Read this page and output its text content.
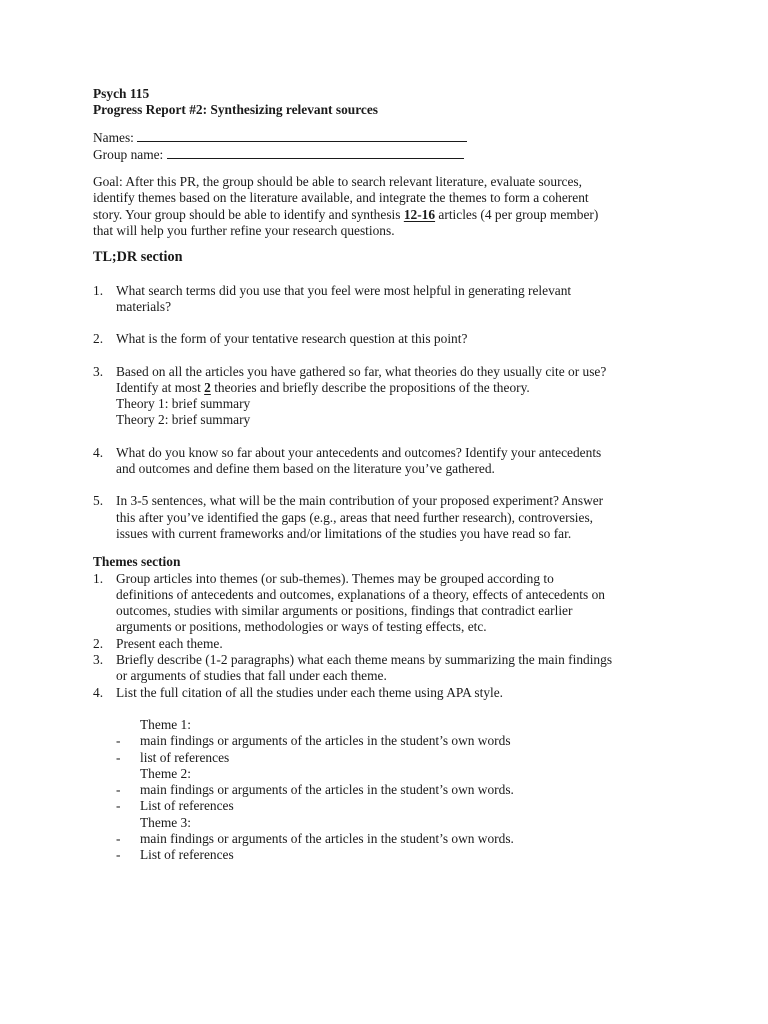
Psych 115
Progress Report #2: Synthesizing relevant sources
Names:
Group name:
Goal: After this PR, the group should be able to search relevant literature, evaluate sources,
identify themes based on the literature available, and integrate the themes to form a coherent
story. Your group should be able to identify and synthesis 12-16 articles (4 per group member)
that will help you further refine your research questions.
TL;DR section
1. What search terms did you use that you feel were most helpful in generating relevant
materials?
2. What is the form of your tentative research question at this point?
3. Based on all the articles you have gathered so far, what theories do they usually cite or use?
Identify at most 2 theories and briefly describe the propositions of the theory.
Theory 1: brief summary
Theory 2: brief summary
4. What do you know so far about your antecedents and outcomes? Identify your antecedents
and outcomes and define them based on the literature you’ve gathered.
5. In 3-5 sentences, what will be the main contribution of your proposed experiment? Answer
this after you’ve identified the gaps (e.g., areas that need further research), controversies,
issues with current frameworks and/or limitations of the studies you have read so far.
Themes section
1. Group articles into themes (or sub-themes). Themes may be grouped according to
definitions of antecedents and outcomes, explanations of a theory, effects of antecedents on
outcomes, studies with similar arguments or positions, findings that contradict earlier
arguments or positions, methodologies or ways of testing effects, etc.
2. Present each theme.
3. Briefly describe (1-2 paragraphs) what each theme means by summarizing the main findings
or arguments of studies that fall under each theme.
4. List the full citation of all the studies under each theme using APA style.
Theme 1:
- main findings or arguments of the articles in the student’s own words
- list of references
Theme 2:
- main findings or arguments of the articles in the student’s own words.
- List of references
Theme 3:
- main findings or arguments of the articles in the student’s own words.
- List of references
